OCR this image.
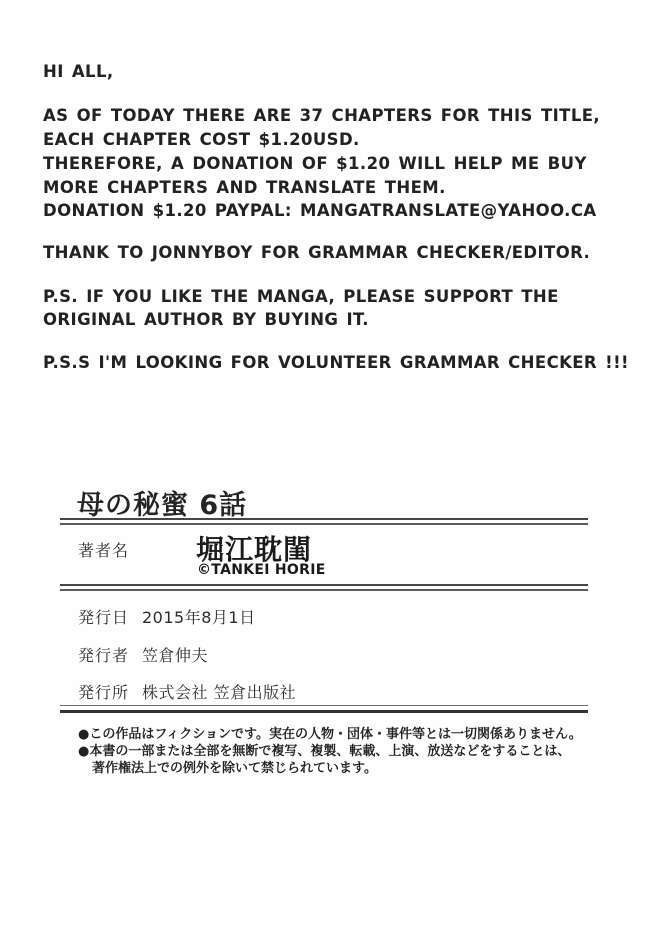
HI ALL,
AS OF TODAY THERE ARE 37 CHAPTERS FOR THIS TITLE,
EACH CHAPTER COST $1.20USD.
THEREFORE, A DONATION OF $1.20 WILL HELP ME BUY
MORE CHAPTERS AND TRANSLATE THEM.
DONATION $1.20 PAYPAL: MANGATRANSLATE@YAHOO.CA
THANK TO JONNYBOY FOR GRAMMAR CHECKER/EDITOR.
P.S. IF YOU LIKE THE MANGA, PLEASE SUPPORT THE
ORIGINAL AUTHOR BY BUYING IT.
P.S.S I'M LOOKING FOR VOLUNTEER GRAMMAR CHECKER !!!
母の秘蜜 6話
著者名 堀江耽閨
©TANKEI HORIE
発行日 2015年8月1日
発行者 笠倉伸夫
発行所 株式会社 笠倉出版社
●この作品はフィクションです。実在の人物・団体・事件等とは一切関係ありません。
●本書の一部または全部を無断で複写、複製、転載、上演、放送などをすることは、
著作権法上での例外を除いて禁じられています。
